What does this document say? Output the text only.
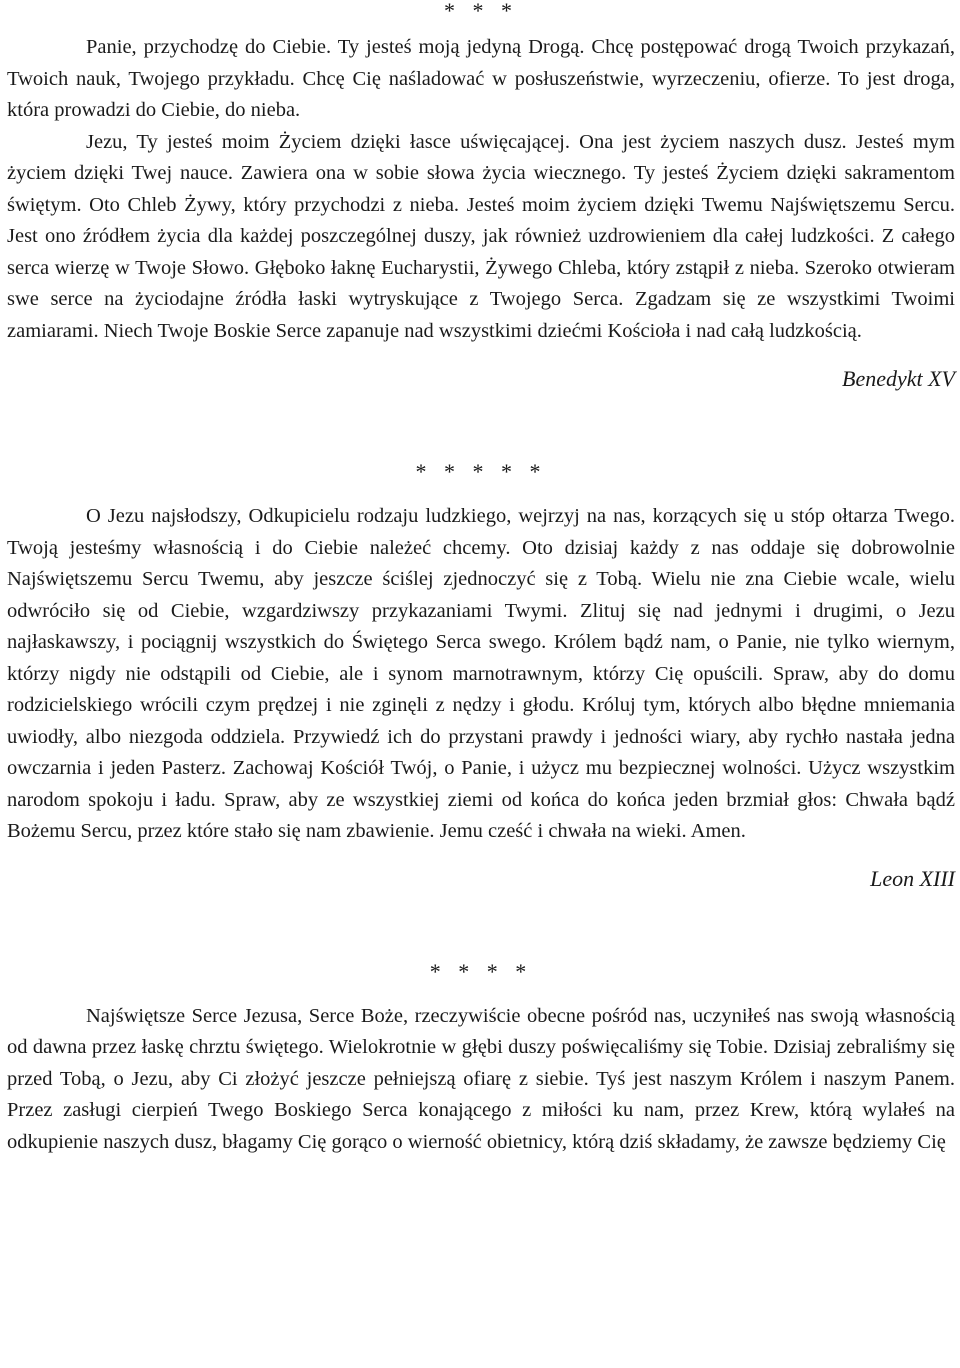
* * *

Panie, przychodzę do Ciebie. Ty jesteś moją jedyną Drogą. Chcę postępować drogą Twoich przykazań, Twoich nauk, Twojego przykładu. Chcę Cię naśladować w posłuszeństwie, wyrzeczeniu, ofierze. To jest droga, która prowadzi do Ciebie, do nieba.

Jezu, Ty jesteś moim Życiem dzięki łasce uświęcającej. Ona jest życiem naszych dusz. Jesteś mym życiem dzięki Twej nauce. Zawiera ona w sobie słowa życia wiecznego. Ty jesteś Życiem dzięki sakramentom świętym. Oto Chleb Żywy, który przychodzi z nieba. Jesteś moim życiem dzięki Twemu Najświętszemu Sercu. Jest ono źródłem życia dla każdej poszczególnej duszy, jak również uzdrowieniem dla całej ludzkości. Z całego serca wierzę w Twoje Słowo. Głęboko łaknę Eucharystii, Żywego Chleba, który zstąpił z nieba. Szeroko otwieram swe serce na życiodajne źródła łaski wytryskujące z Twojego Serca. Zgadzam się ze wszystkimi Twoimi zamiarami. Niech Twoje Boskie Serce zapanuje nad wszystkimi dziećmi Kościoła i nad całą ludzkością.

Benedykt XV
* * * * *

O Jezu najsłodszy, Odkupicielu rodzaju ludzkiego, wejrzyj na nas, korzących się u stóp ołtarza Twego. Twoją jesteśmy własnością i do Ciebie należeć chcemy. Oto dzisiaj każdy z nas oddaje się dobrowolnie Najświętszemu Sercu Twemu, aby jeszcze ściślej zjednoczyć się z Tobą. Wielu nie zna Ciebie wcale, wielu odwróciło się od Ciebie, wzgardziwszy przykazaniami Twymi. Zlituj się nad jednymi i drugimi, o Jezu najłaskawszy, i pociągnij wszystkich do Świętego Serca swego. Królem bądź nam, o Panie, nie tylko wiernym, którzy nigdy nie odstąpili od Ciebie, ale i synom marnotrawnym, którzy Cię opuścili. Spraw, aby do domu rodzicielskiego wrócili czym prędzej i nie zginęli z nędzy i głodu. Króluj tym, których albo błędne mniemania uwiodły, albo niezgoda oddziela. Przywiedź ich do przystani prawdy i jedności wiary, aby rychło nastała jedna owczarnia i jeden Pasterz. Zachowaj Kościół Twój, o Panie, i użycz mu bezpiecznej wolności. Użycz wszystkim narodom spokoju i ładu. Spraw, aby ze wszystkiej ziemi od końca do końca jeden brzmiał głos: Chwała bądź Bożemu Sercu, przez które stało się nam zbawienie. Jemu cześć i chwała na wieki. Amen.

Leon XIII
* * * *

Najświętsze Serce Jezusa, Serce Boże, rzeczywiście obecne pośród nas, uczyniłeś nas swoją własnością od dawna przez łaskę chrztu świętego. Wielokrotnie w głębi duszy poświęcaliśmy się Tobie. Dzisiaj zebraliśmy się przed Tobą, o Jezu, aby Ci złożyć jeszcze pełniejszą ofiarę z siebie. Tyś jest naszym Królem i naszym Panem. Przez zasługi cierpień Twego Boskiego Serca konającego z miłości ku nam, przez Krew, którą wylałeś na odkupienie naszych dusz, błagamy Cię gorąco o wierność obietnicy, którą dziś składamy, że zawsze będziemy Cię
